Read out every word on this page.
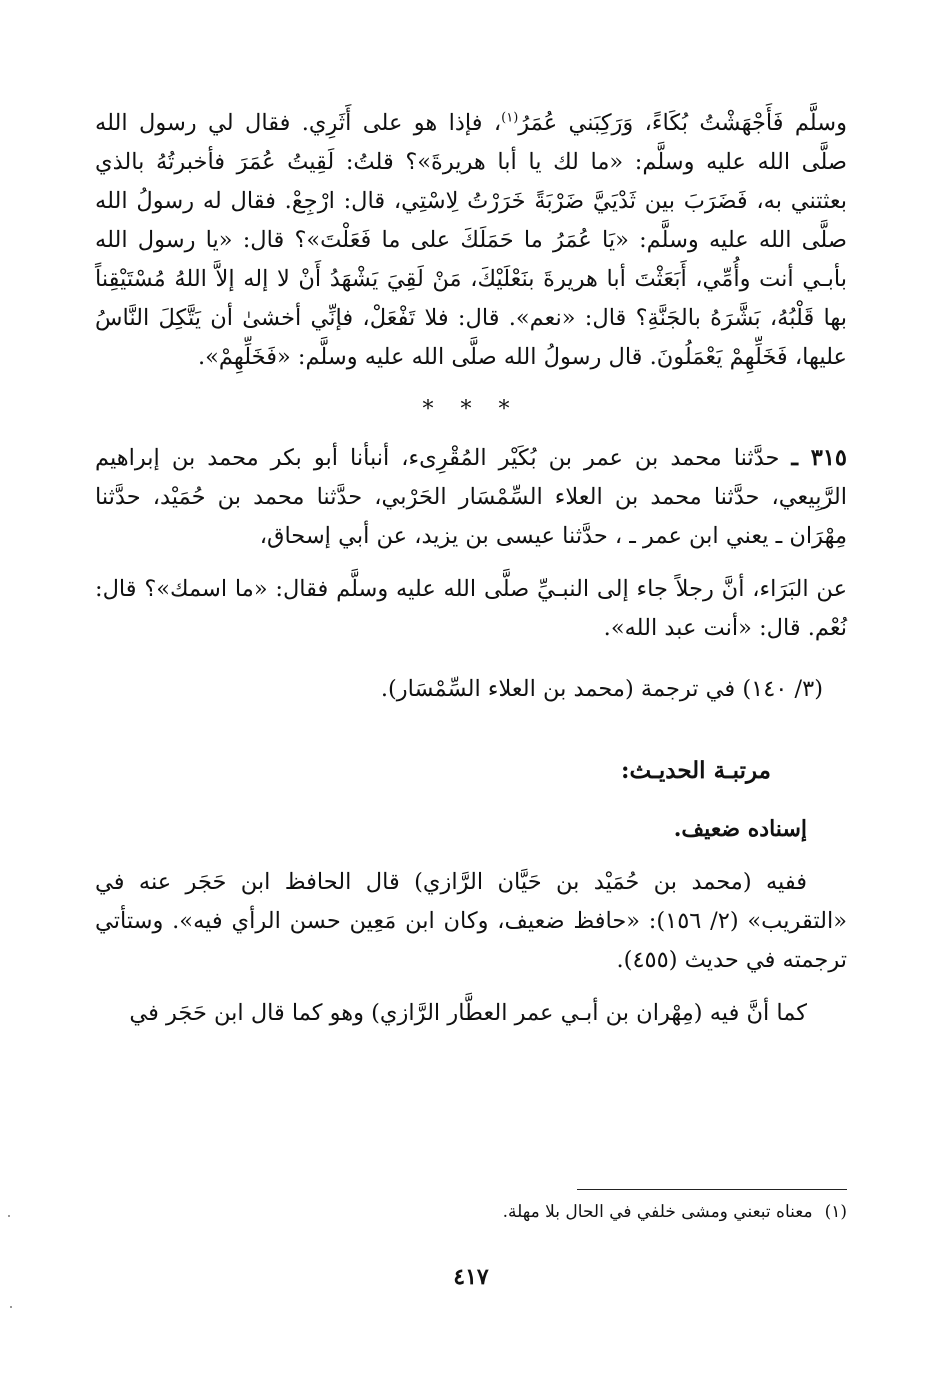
وسلَّم فَأَجْهَشْتُ بُكَاءً، وَرَكِبَني عُمَرُ$^{(١)}$، فإذا هو على أَثَرِي. فقال لي رسول الله صلَّى الله عليه وسلَّم: «ما لك يا أبا هريرةَ»؟ قلتُ: لَقِيتُ عُمَرَ فأخبرتُهُ بالذي بعثتني به، فَضَرَبَ بين ثَدْيَيَّ ضَرْبَةً خَرَرْتُ لِاسْتِي، قال: ارْجِعْ. فقال له رسولُ الله صلَّى الله عليه وسلَّم: «يَا عُمَرُ ما حَمَلَكَ على ما فَعَلْتَ»؟ قال: «يا رسول الله بأبـي أنت وأُمِّي، أَبَعَثْتَ أبا هريرةَ بنَعْلَيْكَ، مَنْ لَقِيَ يَشْهَدُ أَنْ لا إله إلاَّ اللهُ مُسْتَيْقِناً بها قَلْبُهُ، بَشَّرَهُ بالجَنَّةِ؟ قال: «نعم». قال: فلا تَفْعَلْ، فإنِّي أخشىٰ أن يَتَّكِلَ النَّاسُ عليها، فَخَلِّهِمْ يَعْمَلُونَ. قال رسولُ الله صلَّى الله عليه وسلَّم: «فَخَلِّهِمْ».

* * *

٣١٥ ـ حدَّثنا محمد بن عمر بن بُكَيْر المُقْرِىء، أنبأنا أبو بكر محمد بن إبراهيم الرَّبِيعي، حدَّثنا محمد بن العلاء السِّمْسَار الحَرْبي، حدَّثنا محمد بن حُمَيْد، حدَّثنا مِهْرَان ـ يعني ابن عمر ـ ، حدَّثنا عيسى بن يزيد، عن أبي إسحاق،

عن البَرَاء، أنَّ رجلاً جاء إلى النبـيِّ صلَّى الله عليه وسلَّم فقال: «ما اسمك»؟ قال: نُعْم. قال: «أنت عبد الله».

(٣/ ١٤٠) في ترجمة (محمد بن العلاء السِّمْسَار).

مرتبـة الحديـث:
إسناده ضعيف.

ففيه (محمد بن حُمَيْد بن حَيَّان الرَّازي) قال الحافظ ابن حَجَر عنه في «التقريب» (٢/ ١٥٦): «حافظ ضعيف، وكان ابن مَعِين حسن الرأي فيه». وستأتي ترجمته في حديث (٤٥٥).

كما أنَّ فيه (مِهْران بن أبـي عمر العطَّار الرَّازي) وهو كما قال ابن حَجَر في

(١)معناه تبعني ومشى خلفي في الحال بلا مهلة.
٤١٧
